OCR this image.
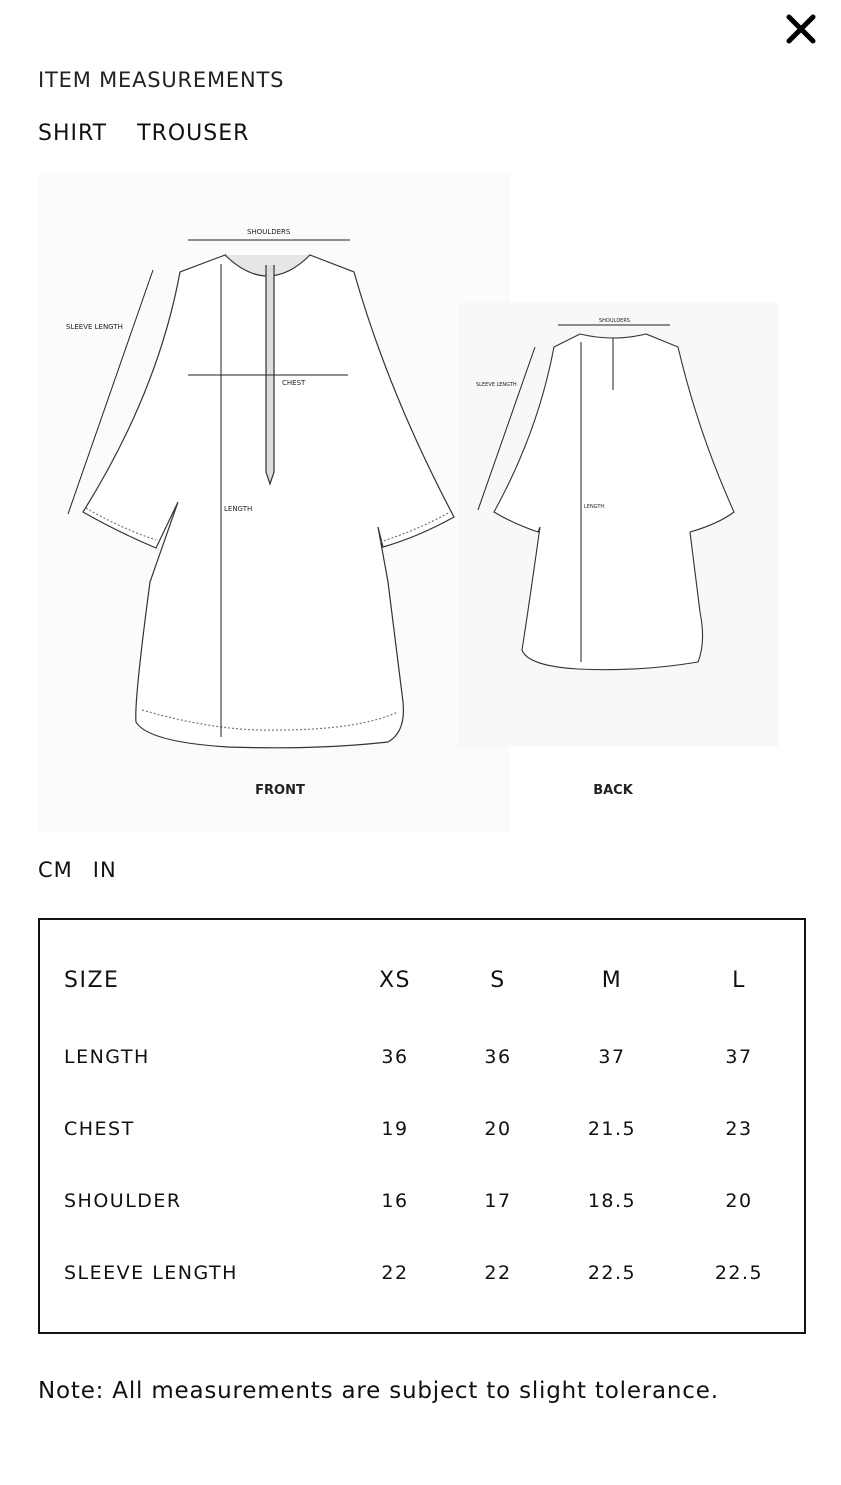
ITEM MEASUREMENTS
SHIRT TROUSER
SHOULDERS
CHEST
LENGTH
SLEEVE LENGTH
FRONT
SHOULDERS
LENGTH
SLEEVE LENGTH
BACK
CM IN
SIZE	XS	S	M	L
LENGTH	36	36	37	37
CHEST	19	20	21.5	23
SHOULDER	16	17	18.5	20
SLEEVE LENGTH	22	22	22.5	22.5
Note: All measurements are subject to slight tolerance.
